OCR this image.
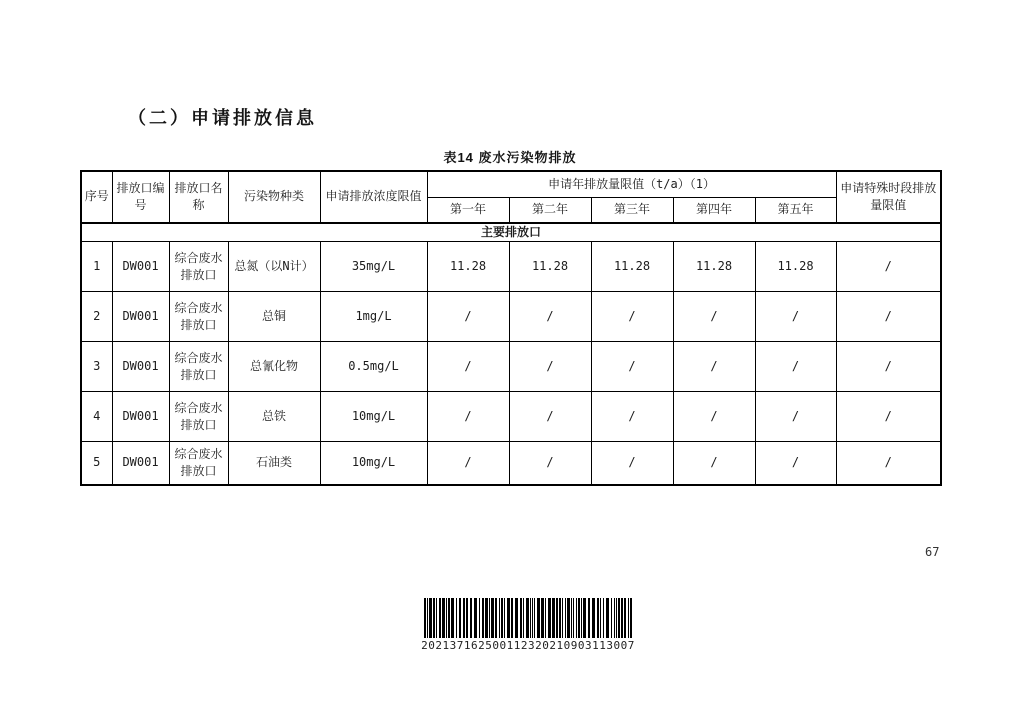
（二）申请排放信息
表14 废水污染物排放
序号	排放口编号	排放口名称	污染物种类	申请排放浓度限值	申请年排放量限值（t/a）（1）					申请特殊时段排放量限值
					第一年	第二年	第三年	第四年	第五年	
主要排放口										
1	DW001	综合废水排放口	总氮（以N计）	35mg/L	11.28	11.28	11.28	11.28	11.28	/
2	DW001	综合废水排放口	总铜	1mg/L	/	/	/	/	/	/
3	DW001	综合废水排放口	总氰化物	0.5mg/L	/	/	/	/	/	/
4	DW001	综合废水排放口	总铁	10mg/L	/	/	/	/	/	/
5	DW001	综合废水排放口	石油类	10mg/L	/	/	/	/	/	/
67
202137162500112320210903113007
